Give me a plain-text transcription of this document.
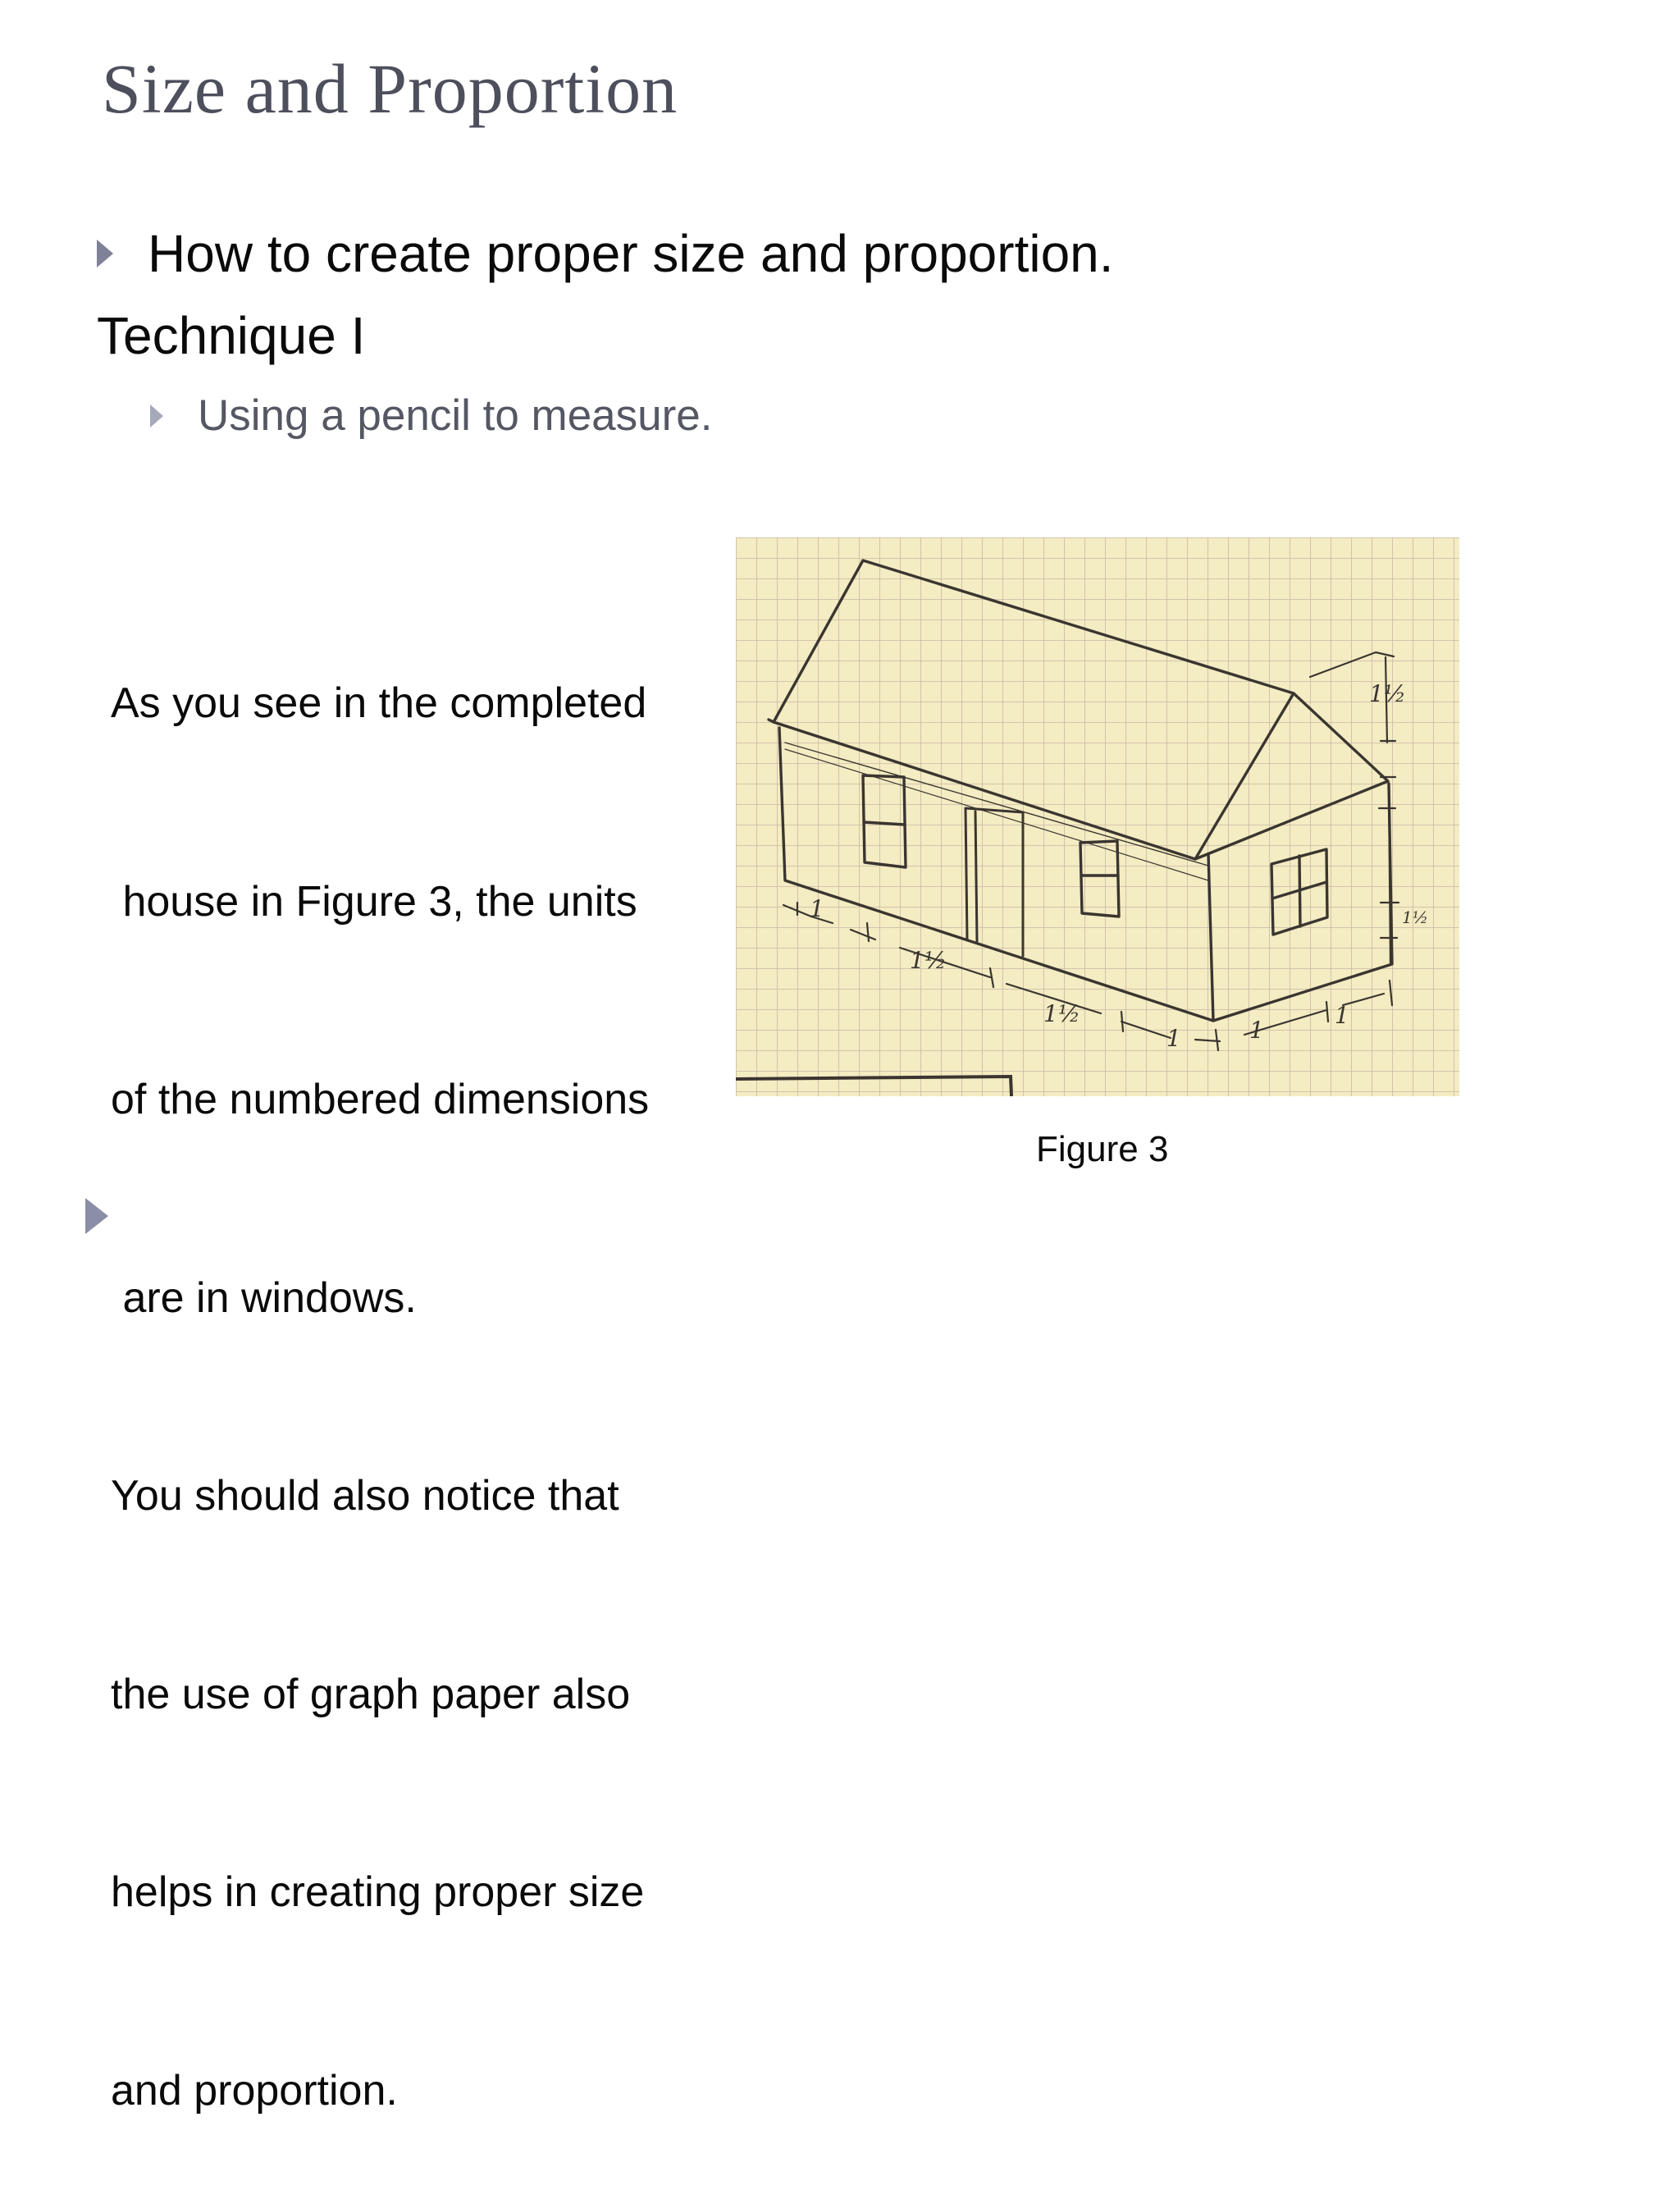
Size and Proportion
How to create proper size and proportion.
Technique I
Using a pencil to measure.

As you see in the completed

house in Figure 3, the units

of the numbered dimensions

are in windows.

You should also notice that

the use of graph paper also

helps in creating proper size

and proportion.

1½
1½
1
1½
1½
1	1
1
Figure 3
